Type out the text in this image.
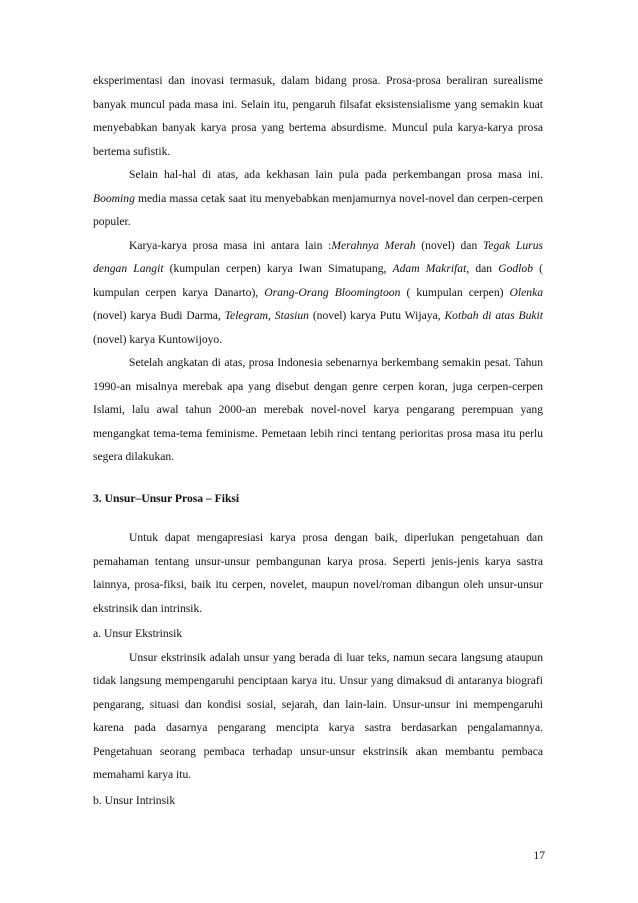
eksperimentasi dan inovasi termasuk, dalam bidang prosa. Prosa-prosa beraliran surealisme banyak muncul pada masa ini. Selain itu, pengaruh filsafat eksistensialisme yang semakin kuat menyebabkan banyak karya prosa yang bertema absurdisme. Muncul pula karya-karya prosa bertema sufistik.

Selain hal-hal di atas, ada kekhasan lain pula pada perkembangan prosa masa ini. Booming media massa cetak saat itu menyebabkan menjamurnya novel-novel dan cerpen-cerpen populer.

Karya-karya prosa masa ini antara lain :Merahnya Merah (novel) dan Tegak Lurus dengan Langit (kumpulan cerpen) karya Iwan Simatupang, Adam Makrifat, dan Godlob ( kumpulan cerpen karya Danarto), Orang-Orang Bloomingtoon ( kumpulan cerpen) Olenka (novel) karya Budi Darma, Telegram, Stasiun (novel) karya Putu Wijaya, Kotbah di atas Bukit (novel) karya Kuntowijoyo.

Setelah angkatan di atas, prosa Indonesia sebenarnya berkembang semakin pesat. Tahun 1990-an misalnya merebak apa yang disebut dengan genre cerpen koran, juga cerpen-cerpen Islami, lalu awal tahun 2000-an merebak novel-novel karya pengarang perempuan yang mengangkat tema-tema feminisme. Pemetaan lebih rinci tentang perioritas prosa masa itu perlu segera dilakukan.

3. Unsur–Unsur Prosa – Fiksi

Untuk dapat mengapresiasi karya prosa dengan baik, diperlukan pengetahuan dan pemahaman tentang unsur-unsur pembangunan karya prosa. Seperti jenis-jenis karya sastra lainnya, prosa-fiksi, baik itu cerpen, novelet, maupun novel/roman dibangun oleh unsur-unsur ekstrinsik dan intrinsik.

a. Unsur Ekstrinsik

Unsur ekstrinsik adalah unsur yang berada di luar teks, namun secara langsung ataupun tidak langsung mempengaruhi penciptaan karya itu. Unsur yang dimaksud di antaranya biografi pengarang, situasi dan kondisi sosial, sejarah, dan lain-lain. Unsur-unsur ini mempengaruhi karena pada dasarnya pengarang mencipta karya sastra berdasarkan pengalamannya. Pengetahuan seorang pembaca terhadap unsur-unsur ekstrinsik akan membantu pembaca memahami karya itu.

b. Unsur Intrinsik

17
